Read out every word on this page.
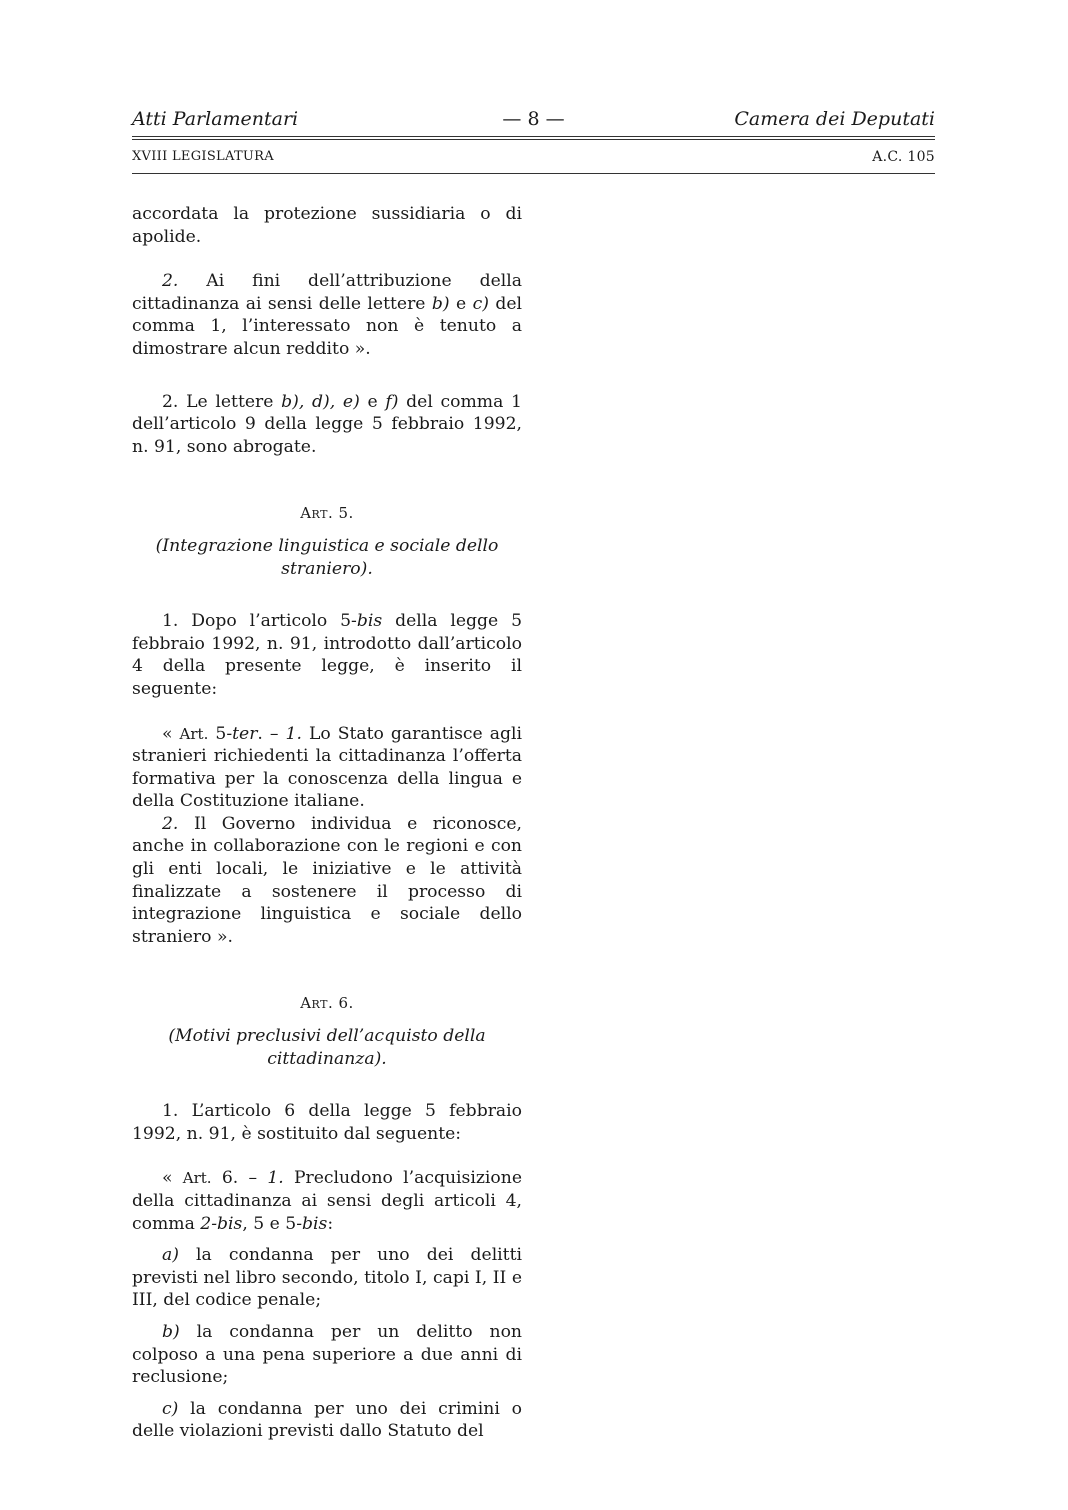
Atti Parlamentari	— 8 —	Camera dei Deputati
XVIII LEGISLATURA	A.C. 105

accordata la protezione sussidiaria o di apolide.

2. Ai fini dell’attribuzione della cittadinanza ai sensi delle lettere b) e c) del comma 1, l’interessato non è tenuto a dimostrare alcun reddito ».

2. Le lettere b), d), e) e f) del comma 1 dell’articolo 9 della legge 5 febbraio 1992, n. 91, sono abrogate.

Art. 5.

(Integrazione linguistica e sociale dello straniero).

1. Dopo l’articolo 5-bis della legge 5 febbraio 1992, n. 91, introdotto dall’articolo 4 della presente legge, è inserito il seguente:

« Art. 5-ter. – 1. Lo Stato garantisce agli stranieri richiedenti la cittadinanza l’offerta formativa per la conoscenza della lingua e della Costituzione italiane.

2. Il Governo individua e riconosce, anche in collaborazione con le regioni e con gli enti locali, le iniziative e le attività finalizzate a sostenere il processo di integrazione linguistica e sociale dello straniero ».

Art. 6.

(Motivi preclusivi dell’acquisto della cittadinanza).

1. L’articolo 6 della legge 5 febbraio 1992, n. 91, è sostituito dal seguente:

« Art. 6. – 1. Precludono l’acquisizione della cittadinanza ai sensi degli articoli 4, comma 2-bis, 5 e 5-bis:

a) la condanna per uno dei delitti previsti nel libro secondo, titolo I, capi I, II e III, del codice penale;

b) la condanna per un delitto non colposo a una pena superiore a due anni di reclusione;

c) la condanna per uno dei crimini o delle violazioni previsti dallo Statuto del
